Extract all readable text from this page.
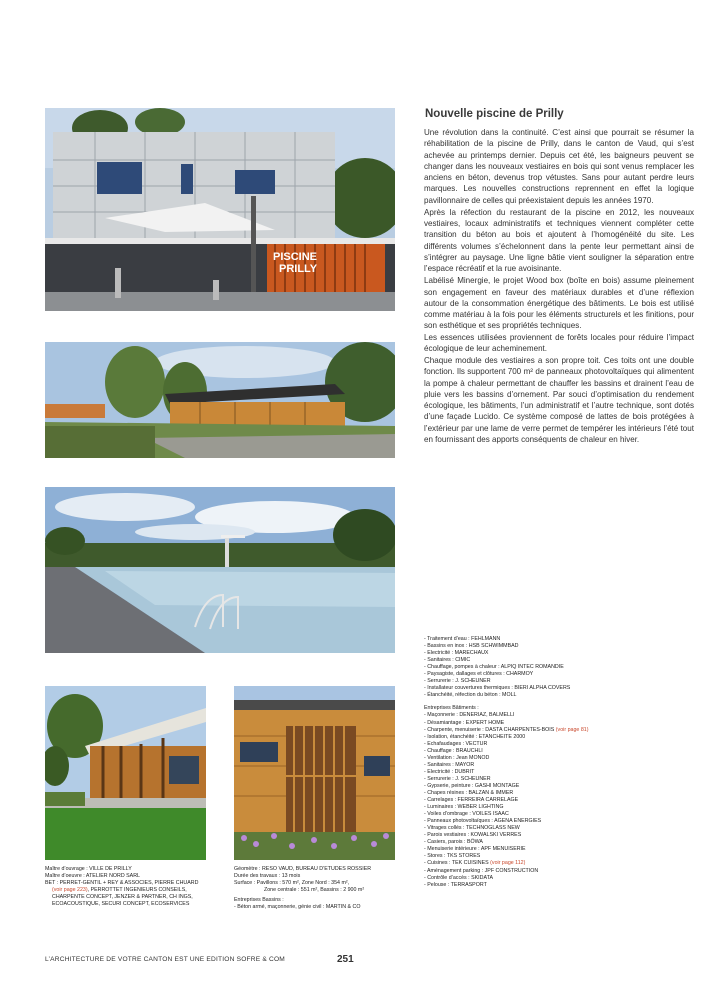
PISCINE
PRILLY
Nouvelle piscine de Prilly

Une révolution dans la continuité. C’est ainsi que pourrait se résumer la réhabilitation de la piscine de Prilly, dans le canton de Vaud, qui s’est achevée au printemps dernier. Depuis cet été, les baigneurs peuvent se changer dans les nouveaux vestiaires en bois qui sont venus remplacer les anciens en béton, devenus trop vétustes. Sans pour autant perdre leurs marques. Les nouvelles constructions reprennent en effet la logique pavillonnaire de celles qui préexistaient depuis les années 1970.

Après la réfection du restaurant de la piscine en 2012, les nouveaux vestiaires, locaux administratifs et techniques viennent compléter cette transition du béton au bois et ajoutent à l’homogénéité du site. Les différents volumes s’échelonnent dans la pente leur permettant ainsi de s’intégrer au paysage. Une ligne bâtie vient souligner la séparation entre l’espace récréatif et la rue avoisinante.

Labélisé Minergie, le projet Wood box (boîte en bois) assume pleinement son engagement en faveur des matériaux durables et d’une réflexion autour de la consommation énergétique des bâtiments. Le bois est utilisé comme matériau à la fois pour les éléments structurels et les finitions, pour son esthétique et ses propriétés techniques.

Les essences utilisées proviennent de forêts locales pour réduire l’impact écologique de leur acheminement.

Chaque module des vestiaires a son propre toit. Ces toits ont une double fonction. Ils supportent 700 m² de panneaux photovoltaïques qui alimentent la pompe à chaleur permettant de chauffer les bassins et drainent l’eau de pluie vers les bassins d’ornement. Par souci d’optimisation du rendement écologique, les bâtiments, l’un administratif et l’autre technique, sont dotés d’une façade Lucido. Ce système composé de lattes de bois protégées à l’extérieur par une lame de verre permet de tempérer les intérieurs l’été tout en fournissant des apports conséquents de chaleur en hiver.

- Traitement d’eau : FEHLMANN
- Bassins en inox : HSB SCHWIMMBAD
- Electricité : MARECHAUX
- Sanitaires : CIMIC
- Chauffage, pompes à chaleur : ALPIQ INTEC ROMANDIE
- Paysagiste, dallages et clôtures : CHARMOY
- Serrurerie : J. SCHEUNER
- Installateur couvertures thermiques : BIERI ALPHA COVERS
- Étanchéité, réfection du béton : MOLL
Entreprises Bâtiments :
- Maçonnerie : DENERIAZ, BALMELLI
- Désamiantage : EXPERT HOME
- Charpente, menuiserie : DASTA CHARPENTES-BOIS (voir page 81)
- Isolation, étanchéité : ETANCHEITE 2000
- Echafaudages : VECTUR
- Chauffage : BRAUCHLI
- Ventilation : Jean MONOD
- Sanitaires : MAYOR
- Electricité : DUBRIT
- Serrurerie : J. SCHEUNER
- Gypserie, peinture : GASHI MONTAGE
- Chapes résines : BALZAN & IMMER
- Carrelages : FERREIRA CARRELAGE
- Luminaires : WEBER LIGHTING
- Voiles d’ombrage : VOILES ISAAC
- Panneaux photovoltaïques : AGENA ENERGIES
- Vitrages collés : TECHNOGLASS NEW
- Parois vestiaires : KOWALSKI VERRES
- Casiers, parois : BÖWA
- Menuiserie intérieure : APF MENUISERIE
- Stores : TKS STORES
- Cuisines : TEK CUISINES (voir page 112)
- Aménagement parking : JPF CONSTRUCTION
- Contrôle d’accès : SKIDATA
- Pelouse : TERRASPORT
Maître d’ouvrage : VILLE DE PRILLY
Maître d’oeuvre : ATELIER NORD SARL
BET : PERRET-GENTIL + REY & ASSOCIES, PIERRE CHUARD
(voir page 223), PERROTTET INGENIEURS CONSEILS,
CHARPENTE CONCEPT, JENZER & PARTNER, CH INGS,
ECOACOUSTIQUE, SECURI CONCEPT, ECOSERVICES
Géomètre : RESO VAUD, BUREAU D’ETUDES ROSSIER
Durée des travaux : 13 mois
Surface : Pavillons : 570 m², Zone Nord : 354 m²,
Zone centrale : 551 m², Bassins : 2 900 m²
Entreprises Bassins :
- Béton armé, maçonnerie, génie civil : MARTIN & CO
L’ARCHITECTURE DE VOTRE CANTON EST UNE EDITION SOFRE & COM	251
